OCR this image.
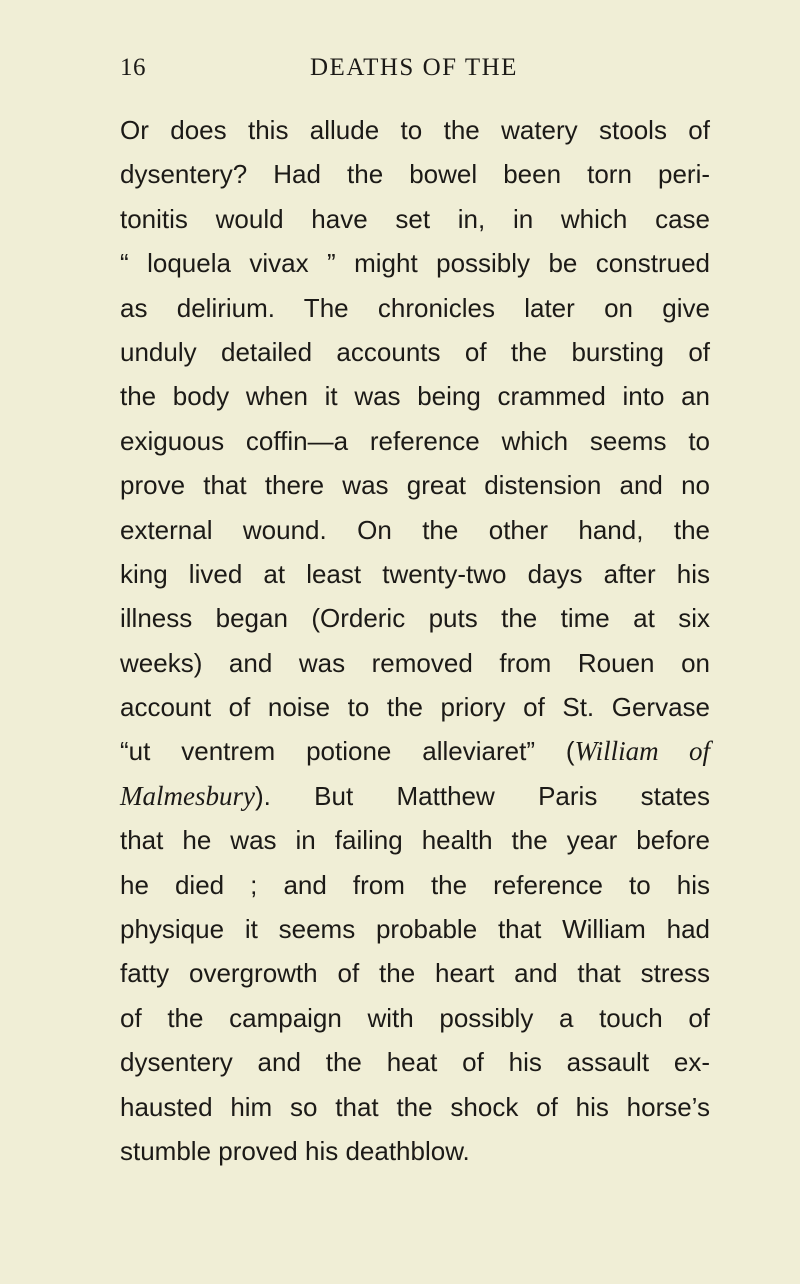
16	DEATHS OF THE
Or does this allude to the watery stools of
dysentery? Had the bowel been torn peri-
tonitis would have set in, in which case
“ loquela vivax ” might possibly be construed
as delirium. The chronicles later on give
unduly detailed accounts of the bursting of
the body when it was being crammed into an
exiguous coffin—a reference which seems to
prove that there was great distension and no
external wound. On the other hand, the
king lived at least twenty-two days after his
illness began (Orderic puts the time at six
weeks) and was removed from Rouen on
account of noise to the priory of St. Gervase
“ut ventrem potione alleviaret” (William of
Malmesbury). But Matthew Paris states
that he was in failing health the year before
he died ; and from the reference to his
physique it seems probable that William had
fatty overgrowth of the heart and that stress
of the campaign with possibly a touch of
dysentery and the heat of his assault ex-
hausted him so that the shock of his horse’s
stumble proved his deathblow.
